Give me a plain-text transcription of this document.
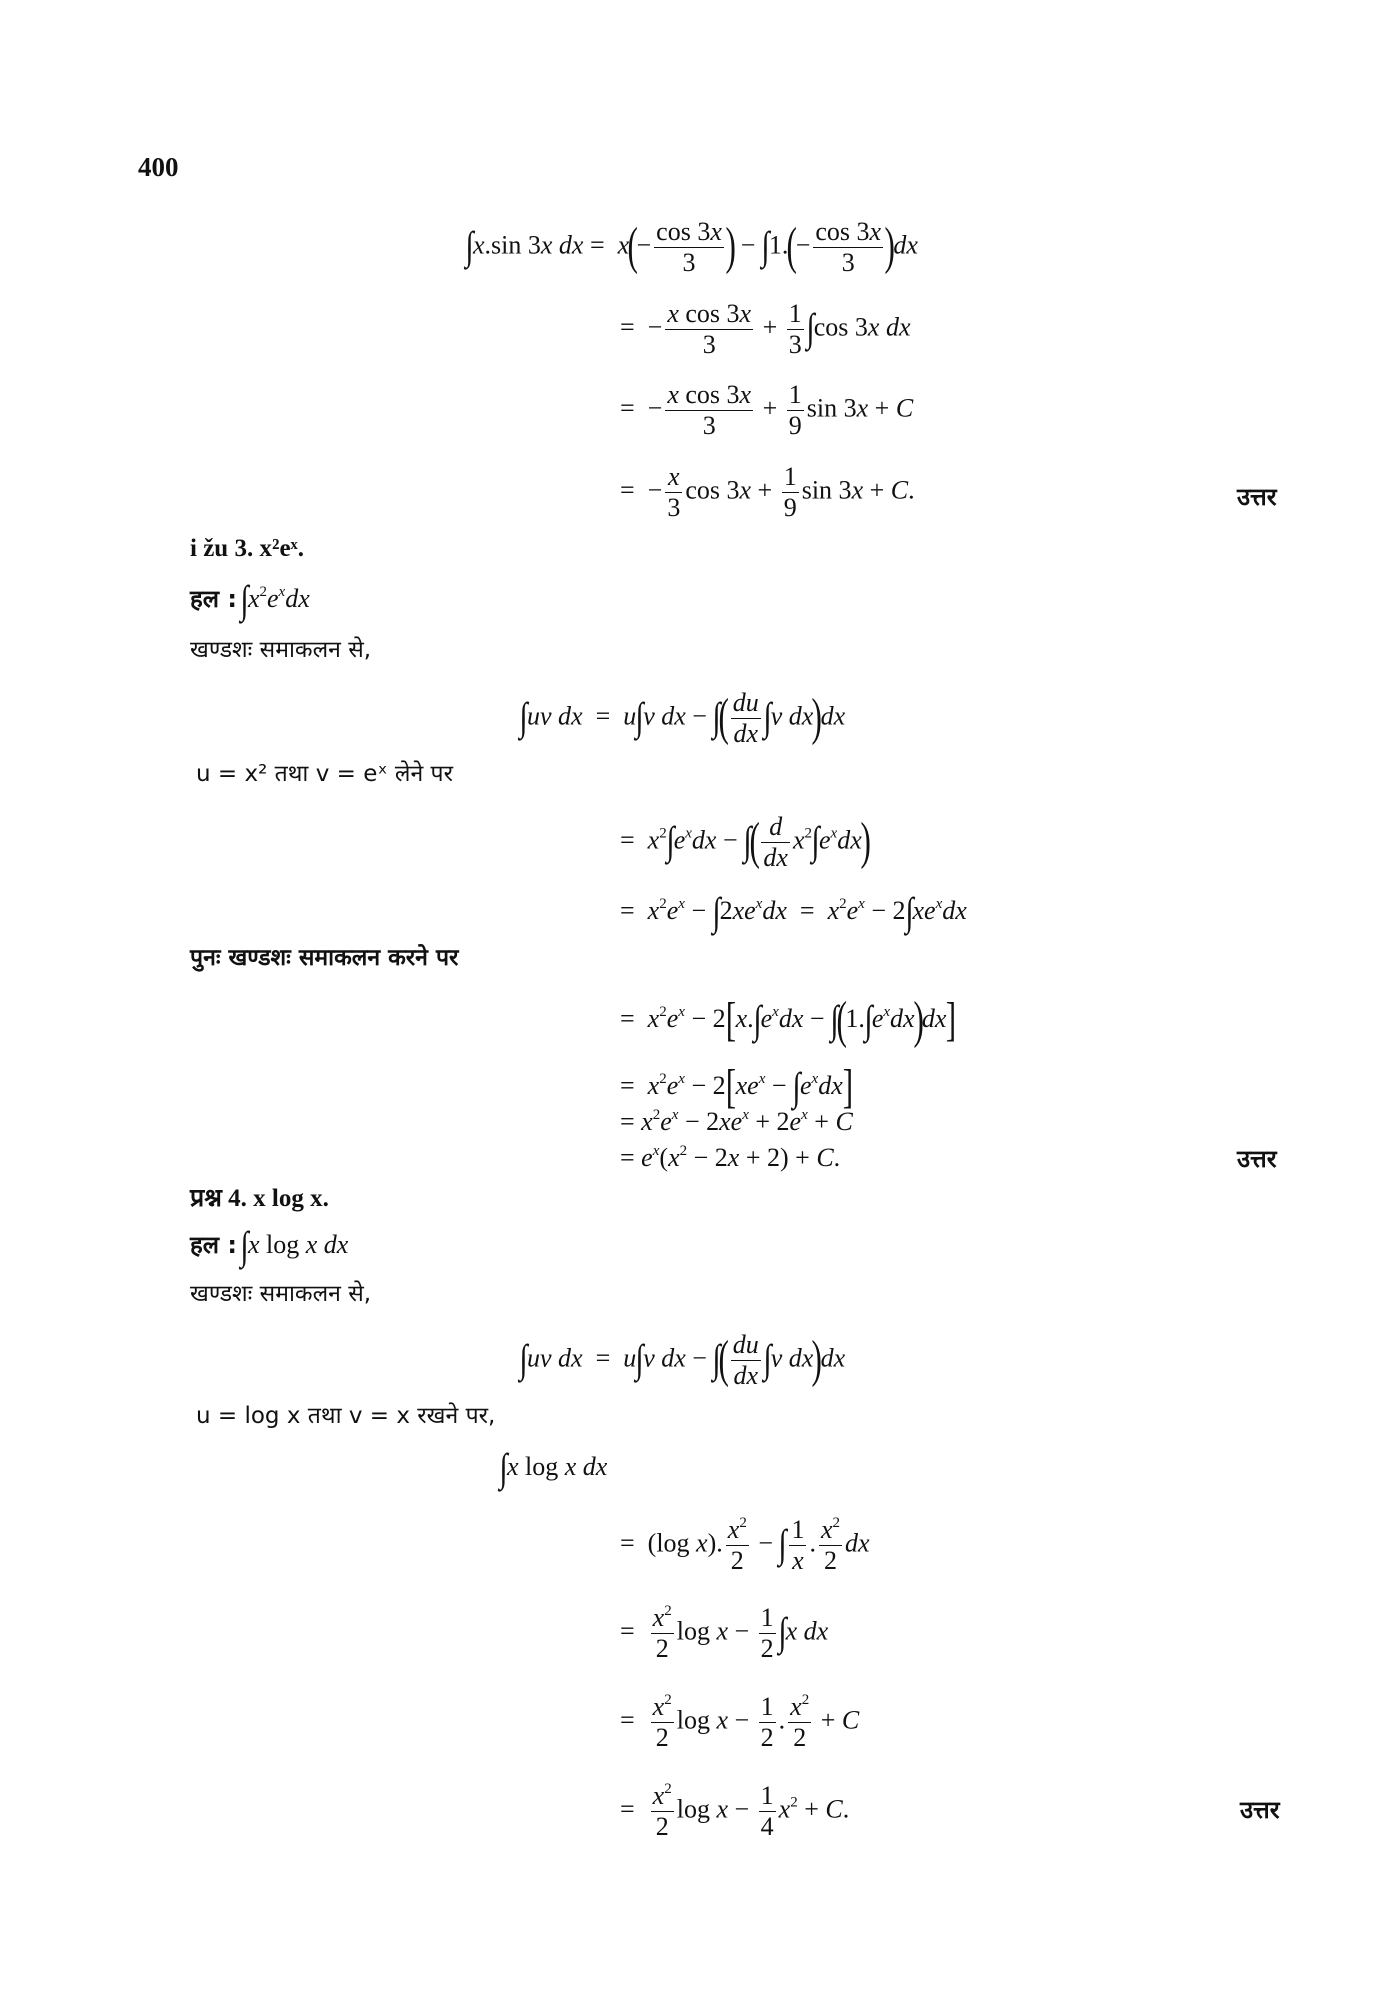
400
∫x.sin 3x dx =  $x(- \frac{\cos 3x}{3}$ ) − $\int 1.(- \frac{\cos 3x}{3} )dx$
=  − $\frac{\text{x cos 3x}}{3} + \frac{1}{3} \int\cos$ 3x dx
=  − $\frac{\text{x cos 3x}}{3} + \frac{1}{9}$ sin 3x + C
=  − $\frac{x}{3}$ $\cos 3x + \frac{1}{9}$ sin 3x + C.	उत्तर
i žu 3. x²eˣ.
हल : $\int x^2e^xdx$
खण्डशः समाकलन से,
∫uv dx  =  u∫v dx − ∫( $\frac{du}{dx} \int v$ dx)dx
u = x² तथा v = eˣ लेने पर
=  $x^2\int e^xdx$ − ∫( $\frac{d}{dx} x^2\int e^xdx$)
=  $x^2e^x - \int 2xe^xdx = x^2e^x - 2\int xe^xdx$
पुनः खण्डशः समाकलन करने पर
=  $x^2e^x - 2[x.\int e^xdx - \int(1.\int e^xdx)dx]$
=  $x^2e^x - 2[xe^x - \int e^xdx]$
= $x^2e^x - 2xe^x + 2e^x + C$
= $e^x(x^2 - 2x + 2) + C$.	उत्तर
प्रश्न 4. x log x.
हल : ∫x log x dx
खण्डशः समाकलन से,
∫uv dx  =  u∫v dx − ∫( $\frac{du}{dx} \int v$ dx)dx
u = log x तथा v = x रखने पर,
∫x log x dx
=  (log x). $\frac{x^2}{2}$ − ∫ $\frac{1}{x}$ . $\frac{x^2}{2}$ dx
= $\frac{x^2}{2}$ $\log x - \frac{1}{2} \int x$ dx
= $\frac{x^2}{2}$ $\log x - \frac{1}{2}$ . $\frac{x^2}{2} + C$
= $\frac{x^2}{2}$ $\log x - \frac{1}{4} x^2 + C$.	उत्तर
